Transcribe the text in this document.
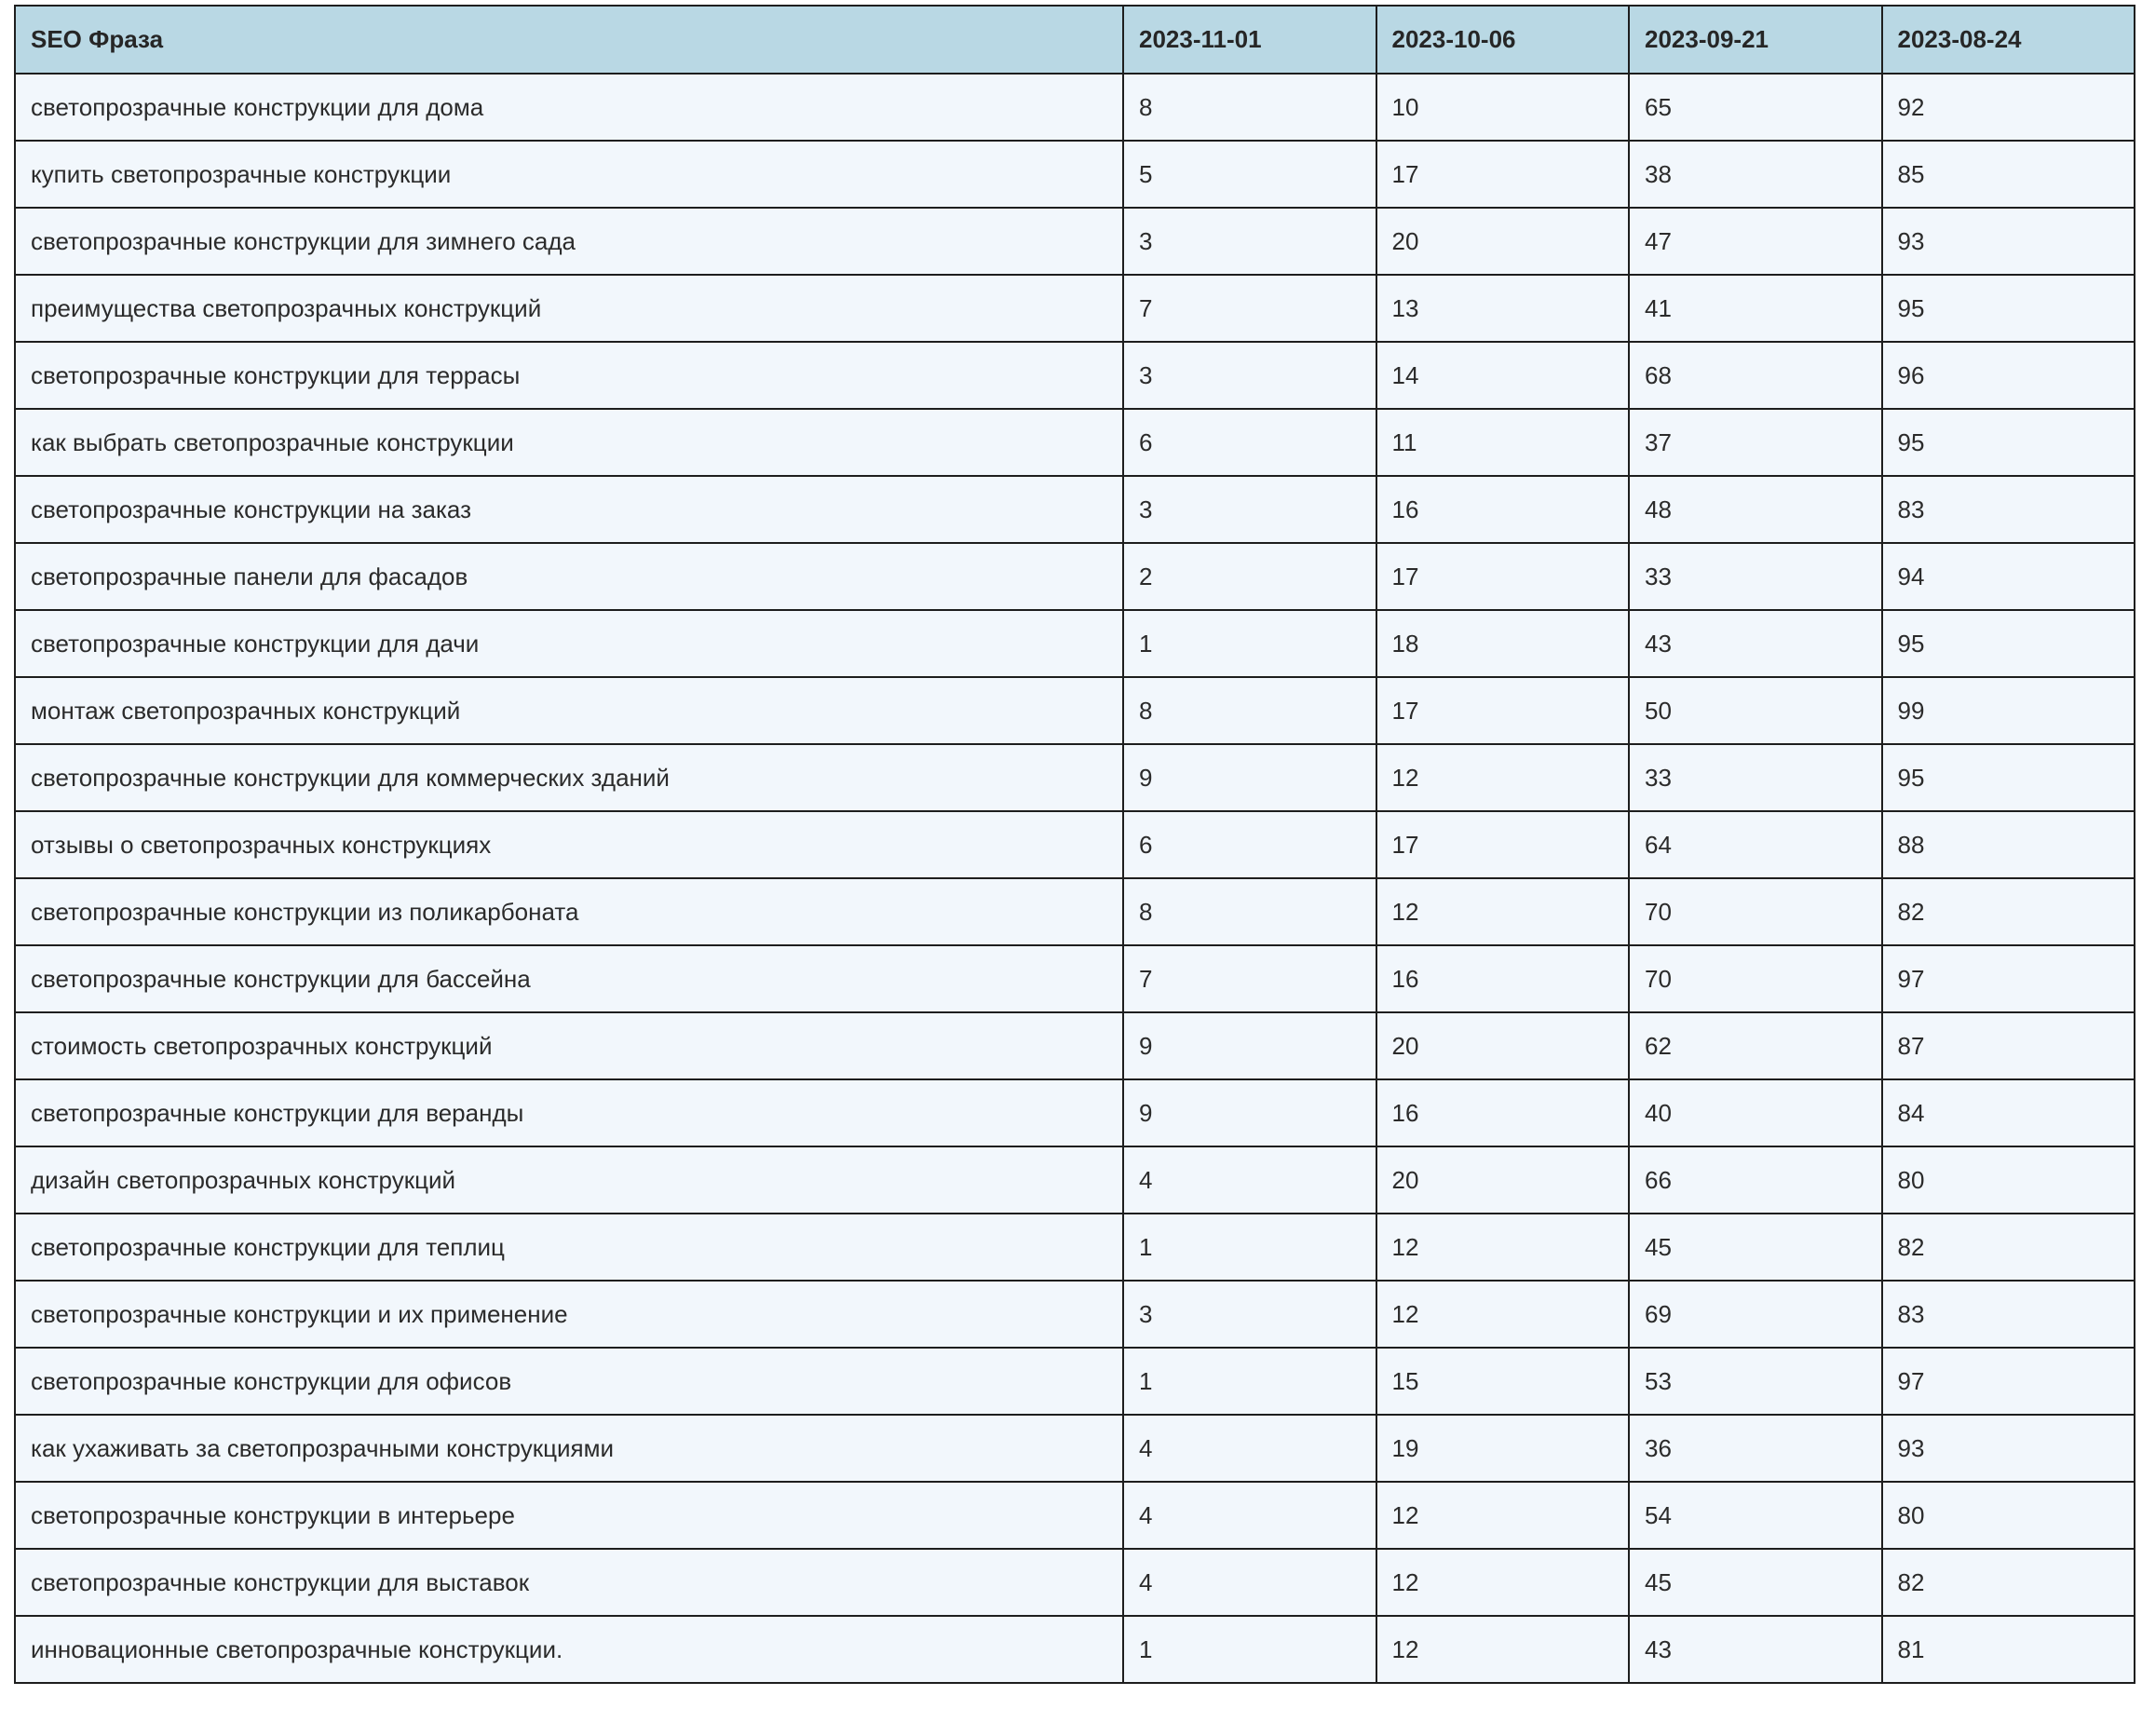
SEO Фраза	2023-11-01	2023-10-06	2023-09-21	2023-08-24
светопрозрачные конструкции для дома	8	10	65	92
купить светопрозрачные конструкции	5	17	38	85
светопрозрачные конструкции для зимнего сада	3	20	47	93
преимущества светопрозрачных конструкций	7	13	41	95
светопрозрачные конструкции для террасы	3	14	68	96
как выбрать светопрозрачные конструкции	6	11	37	95
светопрозрачные конструкции на заказ	3	16	48	83
светопрозрачные панели для фасадов	2	17	33	94
светопрозрачные конструкции для дачи	1	18	43	95
монтаж светопрозрачных конструкций	8	17	50	99
светопрозрачные конструкции для коммерческих зданий	9	12	33	95
отзывы о светопрозрачных конструкциях	6	17	64	88
светопрозрачные конструкции из поликарбоната	8	12	70	82
светопрозрачные конструкции для бассейна	7	16	70	97
стоимость светопрозрачных конструкций	9	20	62	87
светопрозрачные конструкции для веранды	9	16	40	84
дизайн светопрозрачных конструкций	4	20	66	80
светопрозрачные конструкции для теплиц	1	12	45	82
светопрозрачные конструкции и их применение	3	12	69	83
светопрозрачные конструкции для офисов	1	15	53	97
как ухаживать за светопрозрачными конструкциями	4	19	36	93
светопрозрачные конструкции в интерьере	4	12	54	80
светопрозрачные конструкции для выставок	4	12	45	82
инновационные светопрозрачные конструкции.	1	12	43	81
